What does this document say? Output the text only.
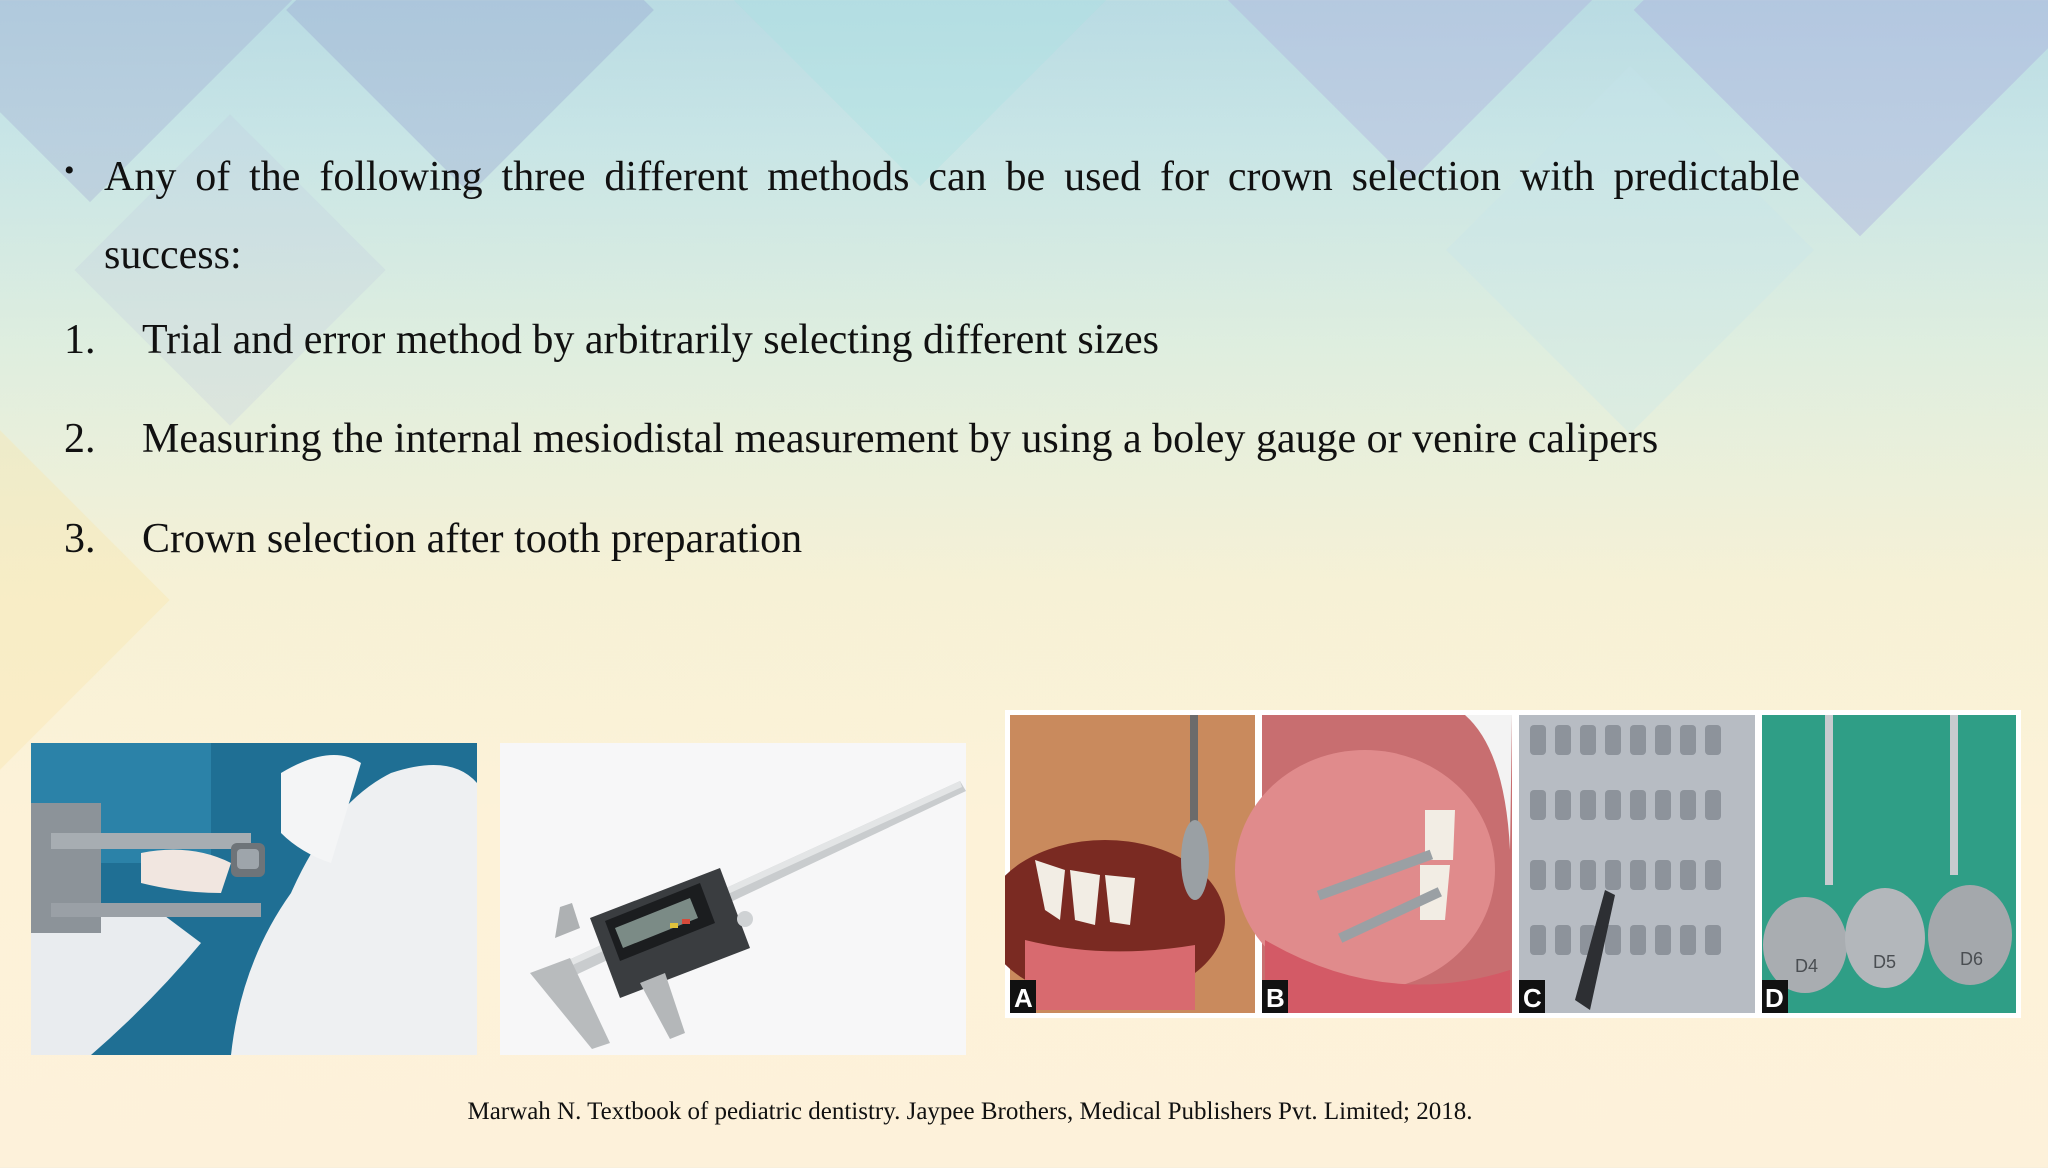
• Any of the following three different methods can be used for crown selection with predictable success:
1.	Trial and error method by arbitrarily selecting different sizes
2.	Measuring the internal mesiodistal measurement by using a boley gauge or venire calipers
3.	Crown selection after tooth preparation
D4	D5	D6
A	B	C	D
Marwah N. Textbook of pediatric dentistry. Jaypee Brothers, Medical Publishers Pvt. Limited; 2018.
